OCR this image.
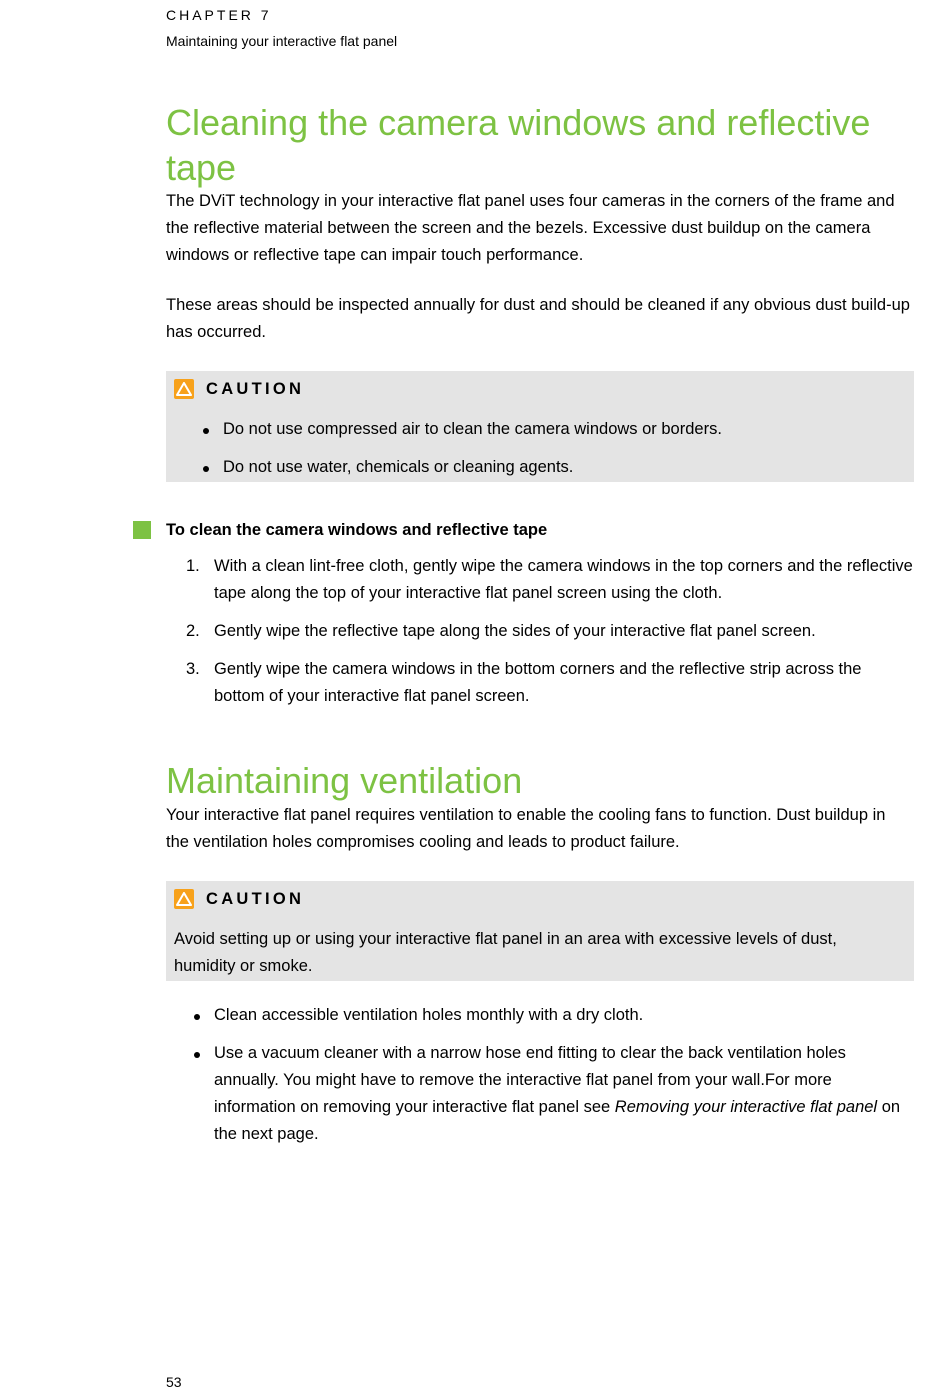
CHAPTER 7
Maintaining your interactive flat panel
Cleaning the camera windows and reflective tape

The DViT technology in your interactive flat panel uses four cameras in the corners of the frame and the reflective material between the screen and the bezels. Excessive dust buildup on the camera windows or reflective tape can impair touch performance.

These areas should be inspected annually for dust and should be cleaned if any obvious dust build-up has occurred.

CAUTION
Do not use compressed air to clean the camera windows or borders.
Do not use water, chemicals or cleaning agents.
To clean the camera windows and reflective tape
1. With a clean lint-free cloth, gently wipe the camera windows in the top corners and the reflective tape along the top of your interactive flat panel screen using the cloth.
2. Gently wipe the reflective tape along the sides of your interactive flat panel screen.
3. Gently wipe the camera windows in the bottom corners and the reflective strip across the bottom of your interactive flat panel screen.
Maintaining ventilation

Your interactive flat panel requires ventilation to enable the cooling fans to function. Dust buildup in the ventilation holes compromises cooling and leads to product failure.

CAUTION
Avoid setting up or using your interactive flat panel in an area with excessive levels of dust, humidity or smoke.
Clean accessible ventilation holes monthly with a dry cloth.
Use a vacuum cleaner with a narrow hose end fitting to clear the back ventilation holes annually. You might have to remove the interactive flat panel from your wall.For more information on removing your interactive flat panel see Removing your interactive flat panel on the next page.
53
